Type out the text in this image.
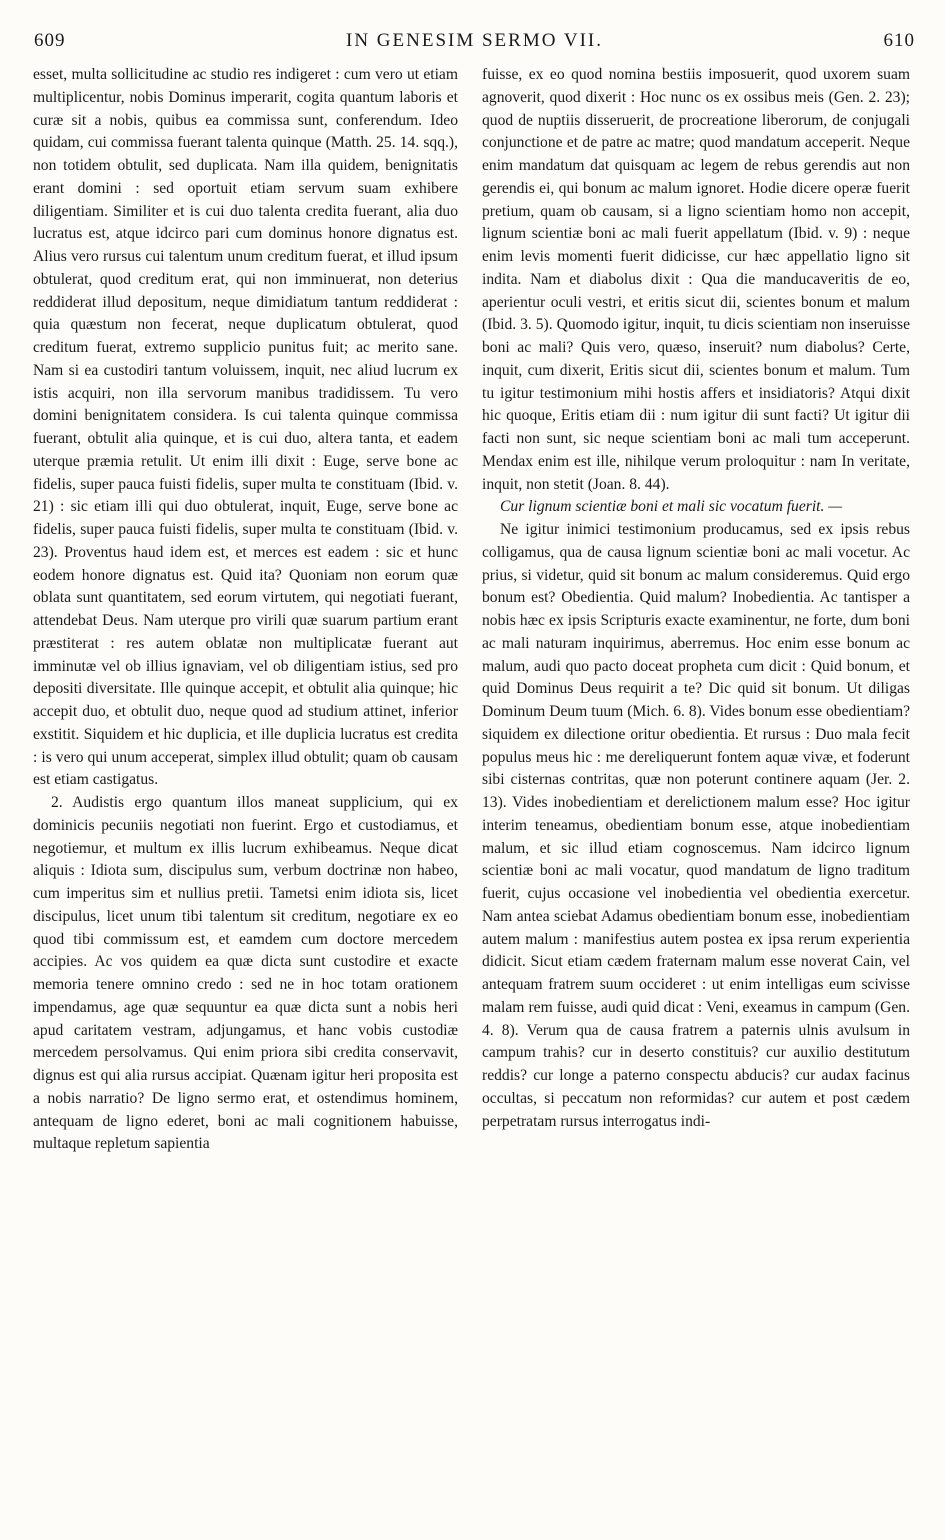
609	IN GENESIM SERMO VII.	610

esset, multa sollicitudine ac studio res indigeret : cum vero ut etiam multiplicentur, nobis Dominus imperarit, cogita quantum laboris et curæ sit a nobis, quibus ea commissa sunt, conferendum. Ideo quidam, cui commissa fuerant talenta quinque (Matth. 25. 14. sqq.), non totidem obtulit, sed duplicata. Nam illa quidem, benignitatis erant domini : sed oportuit etiam servum suam exhibere diligentiam. Similiter et is cui duo talenta credita fuerant, alia duo lucratus est, atque idcirco pari cum dominus honore dignatus est. Alius vero rursus cui talentum unum creditum fuerat, et illud ipsum obtulerat, quod creditum erat, qui non imminuerat, non deterius reddiderat illud depositum, neque dimidiatum tantum reddiderat : quia quæstum non fecerat, neque duplicatum obtulerat, quod creditum fuerat, extremo supplicio punitus fuit; ac merito sane. Nam si ea custodiri tantum voluissem, inquit, nec aliud lucrum ex istis acquiri, non illa servorum manibus tradidissem. Tu vero domini benignitatem considera. Is cui talenta quinque commissa fuerant, obtulit alia quinque, et is cui duo, altera tanta, et eadem uterque præmia retulit. Ut enim illi dixit : Euge, serve bone ac fidelis, super pauca fuisti fidelis, super multa te constituam (Ibid. v. 21) : sic etiam illi qui duo obtulerat, inquit, Euge, serve bone ac fidelis, super pauca fuisti fidelis, super multa te constituam (Ibid. v. 23). Proventus haud idem est, et merces est eadem : sic et hunc eodem honore dignatus est. Quid ita? Quoniam non eorum quæ oblata sunt quantitatem, sed eorum virtutem, qui negotiati fuerant, attendebat Deus. Nam uterque pro virili quæ suarum partium erant præstiterat : res autem oblatæ non multiplicatæ fuerant aut imminutæ vel ob illius ignaviam, vel ob diligentiam istius, sed pro depositi diversitate. Ille quinque accepit, et obtulit alia quinque; hic accepit duo, et obtulit duo, neque quod ad studium attinet, inferior exstitit. Siquidem et hic duplicia, et ille duplicia lucratus est credita : is vero qui unum acceperat, simplex illud obtulit; quam ob causam est etiam castigatus.

2. Audistis ergo quantum illos maneat supplicium, qui ex dominicis pecuniis negotiati non fuerint. Ergo et custodiamus, et negotiemur, et multum ex illis lucrum exhibeamus. Neque dicat aliquis : Idiota sum, discipulus sum, verbum doctrinæ non habeo, cum imperitus sim et nullius pretii. Tametsi enim idiota sis, licet discipulus, licet unum tibi talentum sit creditum, negotiare ex eo quod tibi commissum est, et eamdem cum doctore mercedem accipies. Ac vos quidem ea quæ dicta sunt custodire et exacte memoria tenere omnino credo : sed ne in hoc totam orationem impendamus, age quæ sequuntur ea quæ dicta sunt a nobis heri apud caritatem vestram, adjungamus, et hanc vobis custodiæ mercedem persolvamus. Qui enim priora sibi credita conservavit, dignus est qui alia rursus accipiat. Quænam igitur heri proposita est a nobis narratio? De ligno sermo erat, et ostendimus hominem, antequam de ligno ederet, boni ac mali cognitionem habuisse, multaque repletum sapientia

fuisse, ex eo quod nomina bestiis imposuerit, quod uxorem suam agnoverit, quod dixerit : Hoc nunc os ex ossibus meis (Gen. 2. 23); quod de nuptiis disseruerit, de procreatione liberorum, de conjugali conjunctione et de patre ac matre; quod mandatum acceperit. Neque enim mandatum dat quisquam ac legem de rebus gerendis aut non gerendis ei, qui bonum ac malum ignoret. Hodie dicere operæ fuerit pretium, quam ob causam, si a ligno scientiam homo non accepit, lignum scientiæ boni ac mali fuerit appellatum (Ibid. v. 9) : neque enim levis momenti fuerit didicisse, cur hæc appellatio ligno sit indita. Nam et diabolus dixit : Qua die manducaveritis de eo, aperientur oculi vestri, et eritis sicut dii, scientes bonum et malum (Ibid. 3. 5). Quomodo igitur, inquit, tu dicis scientiam non inseruisse boni ac mali? Quis vero, quæso, inseruit? num diabolus? Certe, inquit, cum dixerit, Eritis sicut dii, scientes bonum et malum. Tum tu igitur testimonium mihi hostis affers et insidiatoris? Atqui dixit hic quoque, Eritis etiam dii : num igitur dii sunt facti? Ut igitur dii facti non sunt, sic neque scientiam boni ac mali tum acceperunt. Mendax enim est ille, nihilque verum proloquitur : nam In veritate, inquit, non stetit (Joan. 8. 44).

Cur lignum scientiæ boni et mali sic vocatum fuerit. —

Ne igitur inimici testimonium producamus, sed ex ipsis rebus colligamus, qua de causa lignum scientiæ boni ac mali vocetur. Ac prius, si videtur, quid sit bonum ac malum consideremus. Quid ergo bonum est? Obedientia. Quid malum? Inobedientia. Ac tantisper a nobis hæc ex ipsis Scripturis exacte examinentur, ne forte, dum boni ac mali naturam inquirimus, aberremus. Hoc enim esse bonum ac malum, audi quo pacto doceat propheta cum dicit : Quid bonum, et quid Dominus Deus requirit a te? Dic quid sit bonum. Ut diligas Dominum Deum tuum (Mich. 6. 8). Vides bonum esse obedientiam? siquidem ex dilectione oritur obedientia. Et rursus : Duo mala fecit populus meus hic : me dereliquerunt fontem aquæ vivæ, et foderunt sibi cisternas contritas, quæ non poterunt continere aquam (Jer. 2. 13). Vides inobedientiam et derelictionem malum esse? Hoc igitur interim teneamus, obedientiam bonum esse, atque inobedientiam malum, et sic illud etiam cognoscemus. Nam idcirco lignum scientiæ boni ac mali vocatur, quod mandatum de ligno traditum fuerit, cujus occasione vel inobedientia vel obedientia exercetur. Nam antea sciebat Adamus obedientiam bonum esse, inobedientiam autem malum : manifestius autem postea ex ipsa rerum experientia didicit. Sicut etiam cædem fraternam malum esse noverat Cain, vel antequam fratrem suum occideret : ut enim intelligas eum scivisse malam rem fuisse, audi quid dicat : Veni, exeamus in campum (Gen. 4. 8). Verum qua de causa fratrem a paternis ulnis avulsum in campum trahis? cur in deserto constituis? cur auxilio destitutum reddis? cur longe a paterno conspectu abducis? cur audax facinus occultas, si peccatum non reformidas? cur autem et post cædem perpetratam rursus interrogatus indi-
